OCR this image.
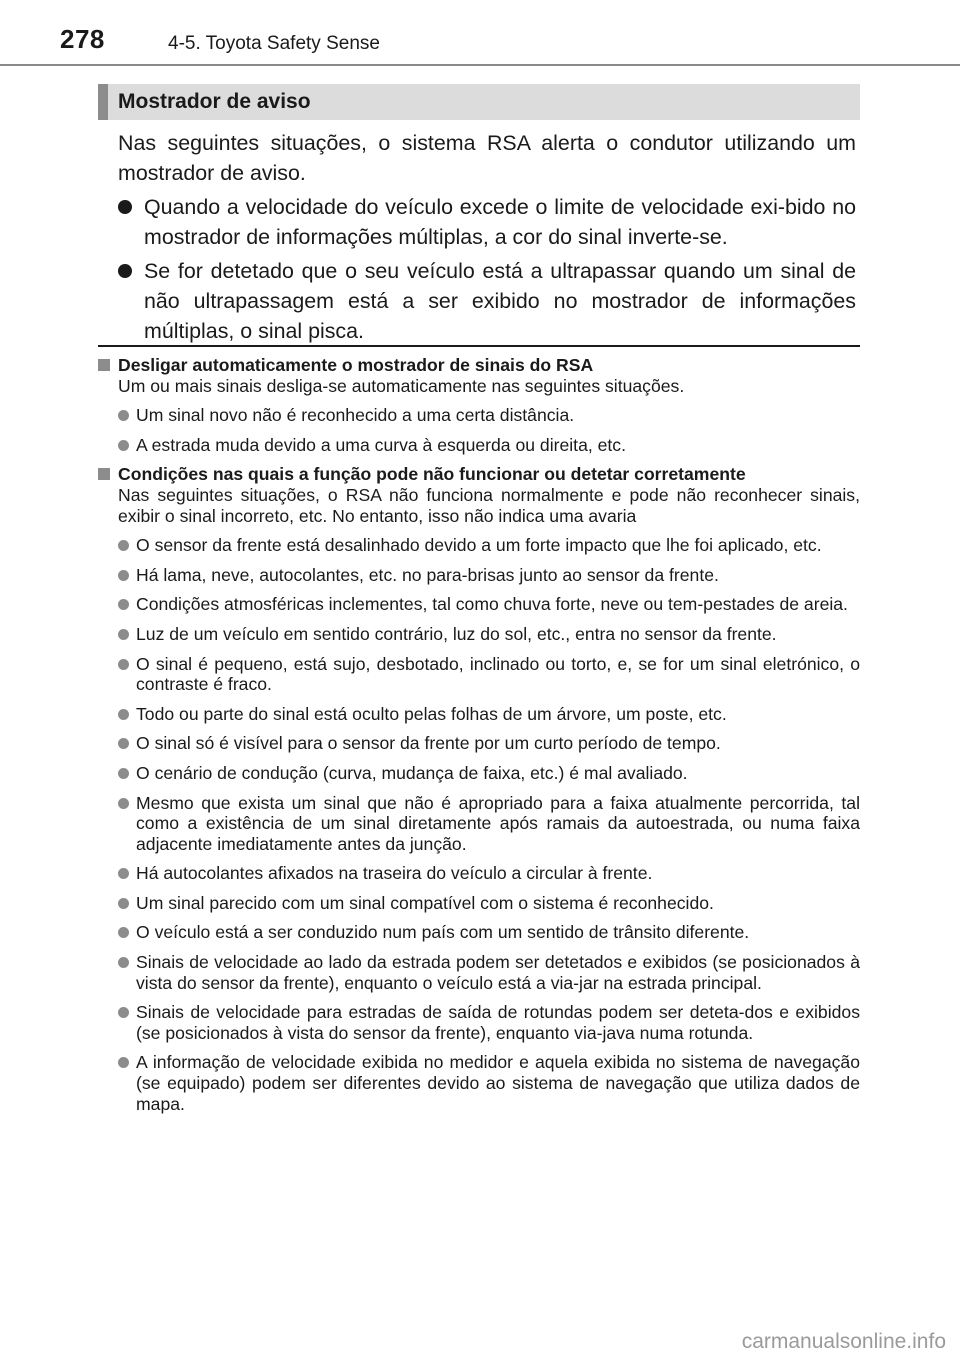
278	4-5. Toyota Safety Sense
Mostrador de aviso

Nas seguintes situações, o sistema RSA alerta o condutor utilizando um mostrador de aviso.

Quando a velocidade do veículo excede o limite de velocidade exi-bido no mostrador de informações múltiplas, a cor do sinal inverte-se.
Se for detetado que o seu veículo está a ultrapassar quando um sinal de não ultrapassagem está a ser exibido no mostrador de informações múltiplas, o sinal pisca.
Desligar automaticamente o mostrador de sinais do RSA
Um ou mais sinais desliga-se automaticamente nas seguintes situações.
Um sinal novo não é reconhecido a uma certa distância.
A estrada muda devido a uma curva à esquerda ou direita, etc.
Condições nas quais a função pode não funcionar ou detetar corretamente
Nas seguintes situações, o RSA não funciona normalmente e pode não reconhecer sinais, exibir o sinal incorreto, etc. No entanto, isso não indica uma avaria
O sensor da frente está desalinhado devido a um forte impacto que lhe foi aplicado, etc.
Há lama, neve, autocolantes, etc. no para-brisas junto ao sensor da frente.
Condições atmosféricas inclementes, tal como chuva forte, neve ou tem-pestades de areia.
Luz de um veículo em sentido contrário, luz do sol, etc., entra no sensor da frente.
O sinal é pequeno, está sujo, desbotado, inclinado ou torto, e, se for um sinal eletrónico, o contraste é fraco.
Todo ou parte do sinal está oculto pelas folhas de um árvore, um poste, etc.
O sinal só é visível para o sensor da frente por um curto período de tempo.
O cenário de condução (curva, mudança de faixa, etc.) é mal avaliado.
Mesmo que exista um sinal que não é apropriado para a faixa atualmente percorrida, tal como a existência de um sinal diretamente após ramais da autoestrada, ou numa faixa adjacente imediatamente antes da junção.
Há autocolantes afixados na traseira do veículo a circular à frente.
Um sinal parecido com um sinal compatível com o sistema é reconhecido.
O veículo está a ser conduzido num país com um sentido de trânsito diferente.
Sinais de velocidade ao lado da estrada podem ser detetados e exibidos (se posicionados à vista do sensor da frente), enquanto o veículo está a via-jar na estrada principal.
Sinais de velocidade para estradas de saída de rotundas podem ser deteta-dos e exibidos (se posicionados à vista do sensor da frente), enquanto via-java numa rotunda.
A informação de velocidade exibida no medidor e aquela exibida no sistema de navegação (se equipado) podem ser diferentes devido ao sistema de navegação que utiliza dados de mapa.
carmanualsonline.info
